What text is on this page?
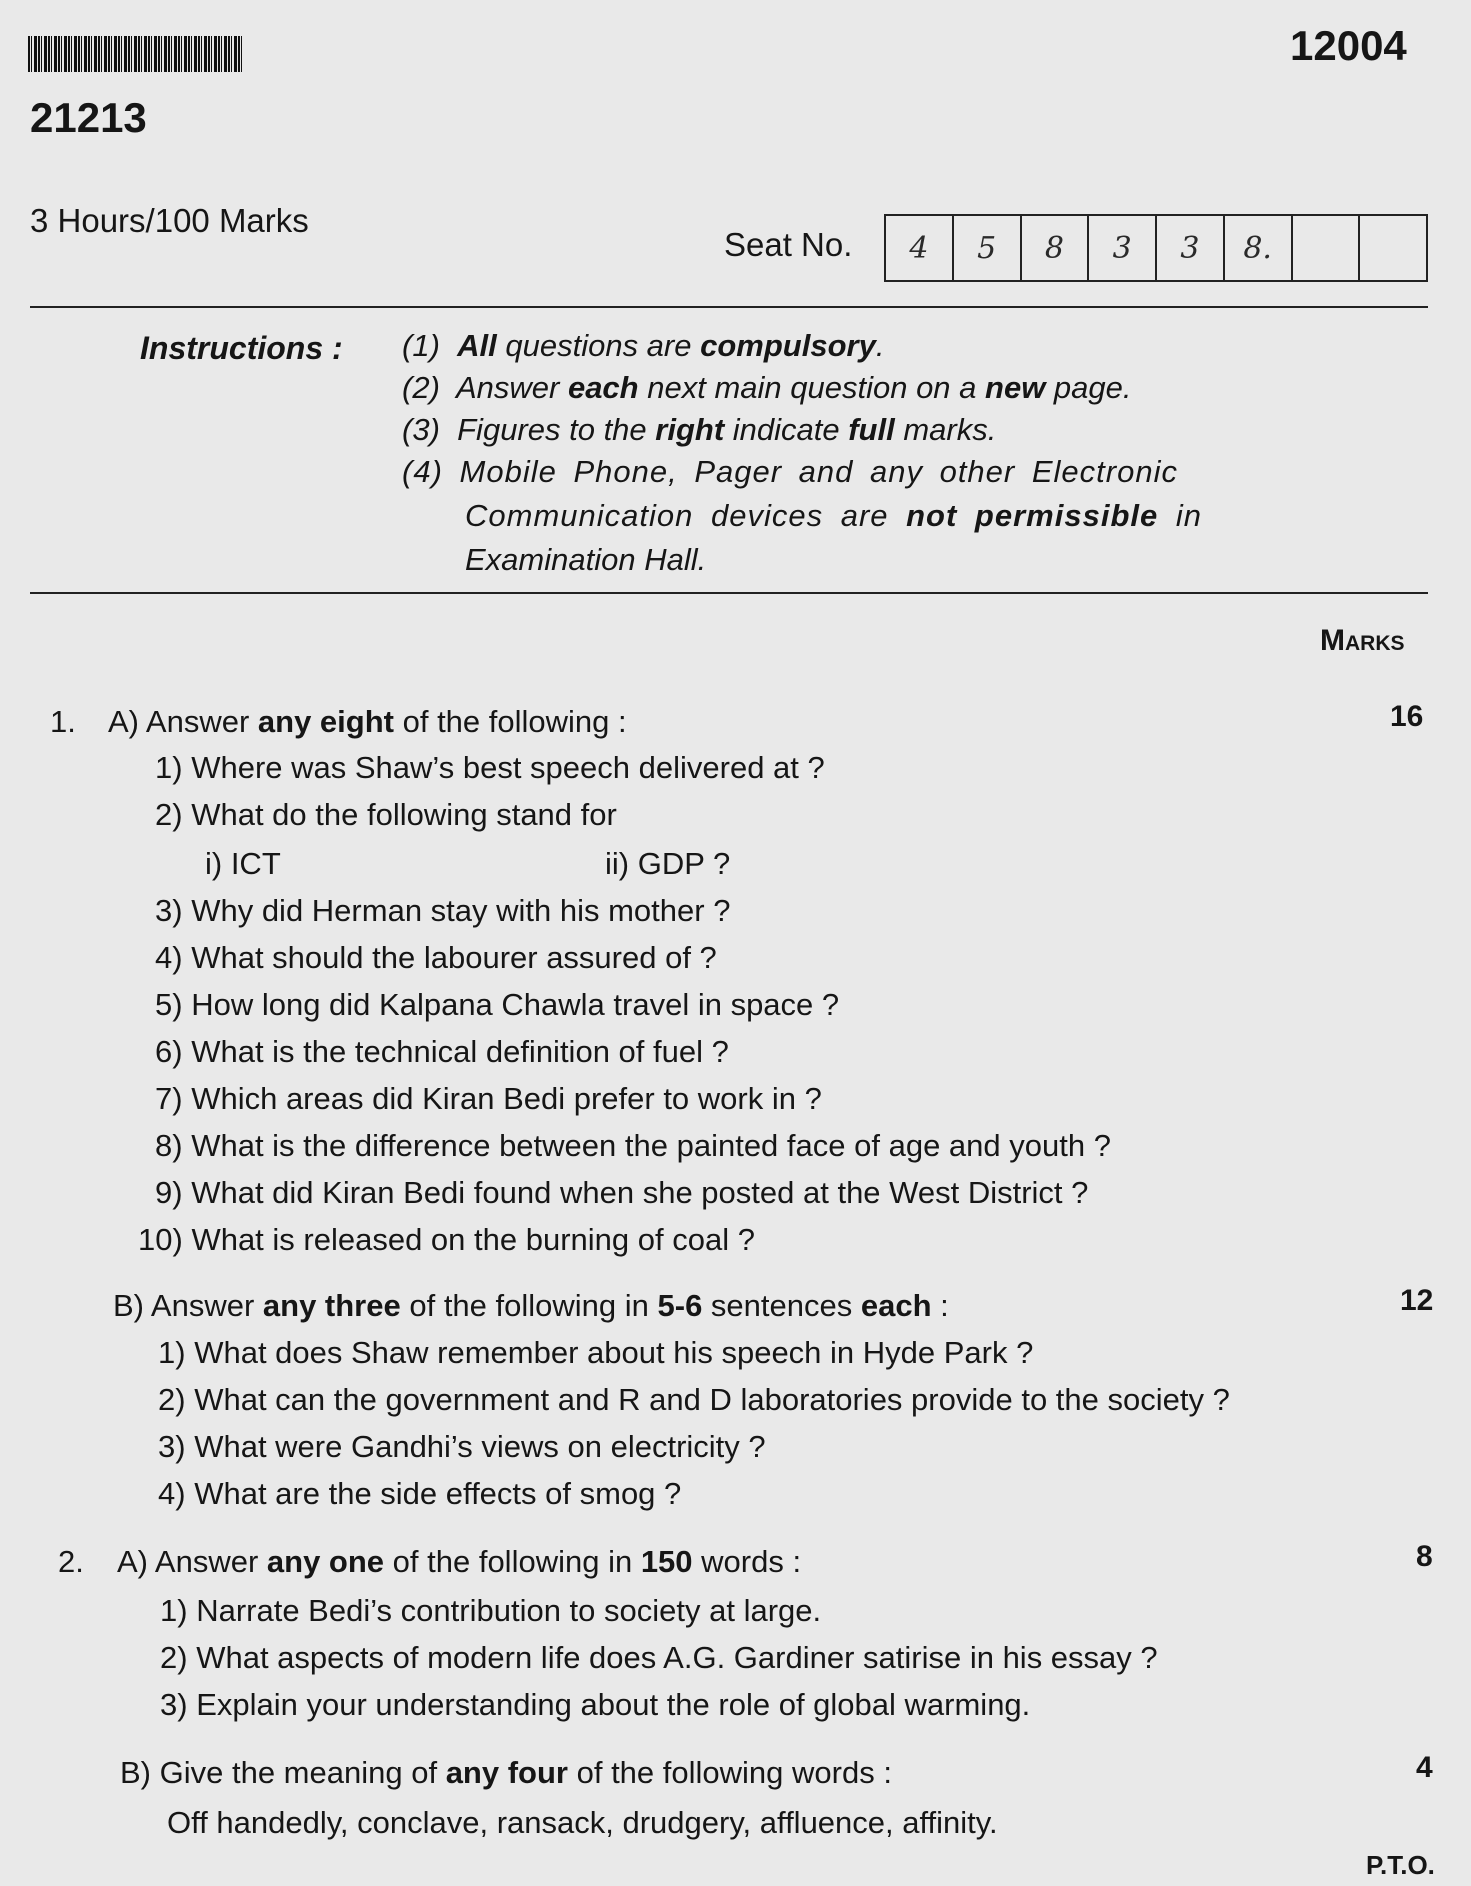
12004
21213
3 Hours/100 Marks
Seat No.	4	5	8	3	3	8.
Instructions : (1) All questions are compulsory.
(2) Answer each next main question on a new page.
(3) Figures to the right indicate full marks.
(4) Mobile Phone, Pager and any other Electronic
Communication devices are not permissible in
Examination Hall.
Marks
1. A) Answer any eight of the following :	16
1) Where was Shaw’s best speech delivered at ?
2) What do the following stand for
i) ICT	ii) GDP ?
3) Why did Herman stay with his mother ?
4) What should the labourer assured of ?
5) How long did Kalpana Chawla travel in space ?
6) What is the technical definition of fuel ?
7) Which areas did Kiran Bedi prefer to work in ?
8) What is the difference between the painted face of age and youth ?
9) What did Kiran Bedi found when she posted at the West District ?
10) What is released on the burning of coal ?
B) Answer any three of the following in 5-6 sentences each :	12
1) What does Shaw remember about his speech in Hyde Park ?
2) What can the government and R and D laboratories provide to the society ?
3) What were Gandhi’s views on electricity ?
4) What are the side effects of smog ?
2. A) Answer any one of the following in 150 words :	8
1) Narrate Bedi’s contribution to society at large.
2) What aspects of modern life does A.G. Gardiner satirise in his essay ?
3) Explain your understanding about the role of global warming.
B) Give the meaning of any four of the following words :	4
Off handedly, conclave, ransack, drudgery, affluence, affinity.
P.T.O.
